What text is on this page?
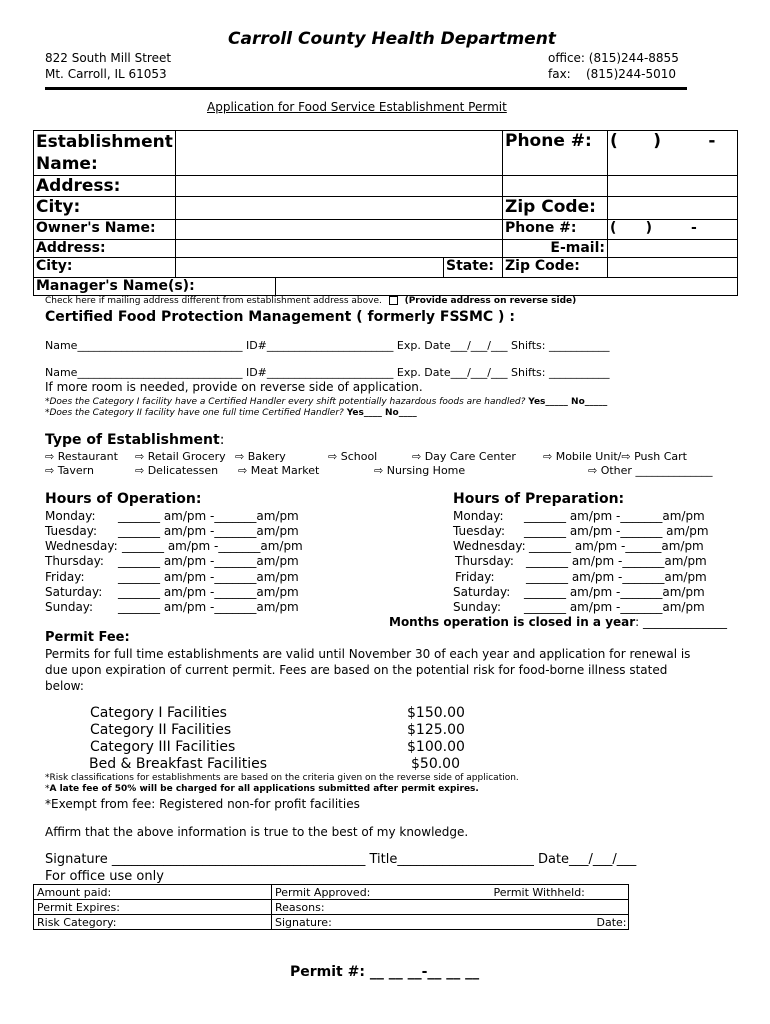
Carroll County Health Department
822 South Mill Street
Mt. Carroll, IL 61053
office: (815)244-8855
fax:    (815)244-5010
Application for Food Service Establishment Permit
Establishment
Name:				Phone #:	(      )        -
Address:					
City:				Zip Code:	
Owner's Name:				Phone #:	(      )        -
Address:				E-mail:	
City:			State:	Zip Code:	
Manager's Name(s):					
Check here if mailing address different from establishment address above.	(Provide address on reverse side)
Certified Food Protection Management ( formerly FSSMC ) :
Name______________________________ ID#_______________________ Exp. Date___/___/___ Shifts: ___________
Name______________________________ ID#_______________________ Exp. Date___/___/___ Shifts: ___________
If more room is needed, provide on reverse side of application.
*Does the Category I facility have a Certified Handler every shift potentially hazardous foods are handled? Yes_____ No_____
*Does the Category II facility have one full time Certified Handler? Yes____ No____
Type of Establishment:
⇨ Restaurant ⇨ Retail Grocery ⇨ Bakery	⇨ School	⇨ Day Care Center ⇨ Mobile Unit/⇨ Push Cart
⇨ Tavern	⇨ Delicatessen ⇨ Meat Market	⇨ Nursing Home	⇨ Other ______________
Hours of Operation:
Monday: _______ am/pm -_______am/pm
Tuesday: _______ am/pm -_______am/pm
Wednesday: _______ am/pm -_______am/pm
Thursday: _______ am/pm -_______am/pm
Friday:	_______ am/pm -_______am/pm
Saturday: _______ am/pm -_______am/pm
Sunday: _______ am/pm -_______am/pm
Hours of Preparation:
Monday: _______ am/pm -_______am/pm
Tuesday: _______ am/pm -_______ am/pm
Wednesday: _______ am/pm -______am/pm
Thursday: _______ am/pm -_______am/pm
Friday:	_______ am/pm -_______am/pm
Saturday: _______ am/pm -_______am/pm
Sunday: _______ am/pm -_______am/pm
Months operation is closed in a year: ______________
Permit Fee:
Permits for full time establishments are valid until November 30 of each year and application for renewal is
due upon expiration of current permit. Fees are based on the potential risk for food-borne illness stated
below:
Category I Facilities	$150.00
Category II Facilities	$125.00
Category III Facilities	$100.00
Bed & Breakfast Facilities	$50.00
*Risk classifications for establishments are based on the criteria given on the reverse side of application.
*A late fee of 50% will be charged for all applications submitted after permit expires.
*Exempt from fee: Registered non-for profit facilities
Affirm that the above information is true to the best of my knowledge.
Signature _______________________________________ Title_____________________ Date___/___/___
For office use only
Amount paid:	Permit Approved: Permit Withheld:

Permit Expires:	Reasons:
Risk Category:	Signature: Date:
Permit #: __ __ __-__ __ __
